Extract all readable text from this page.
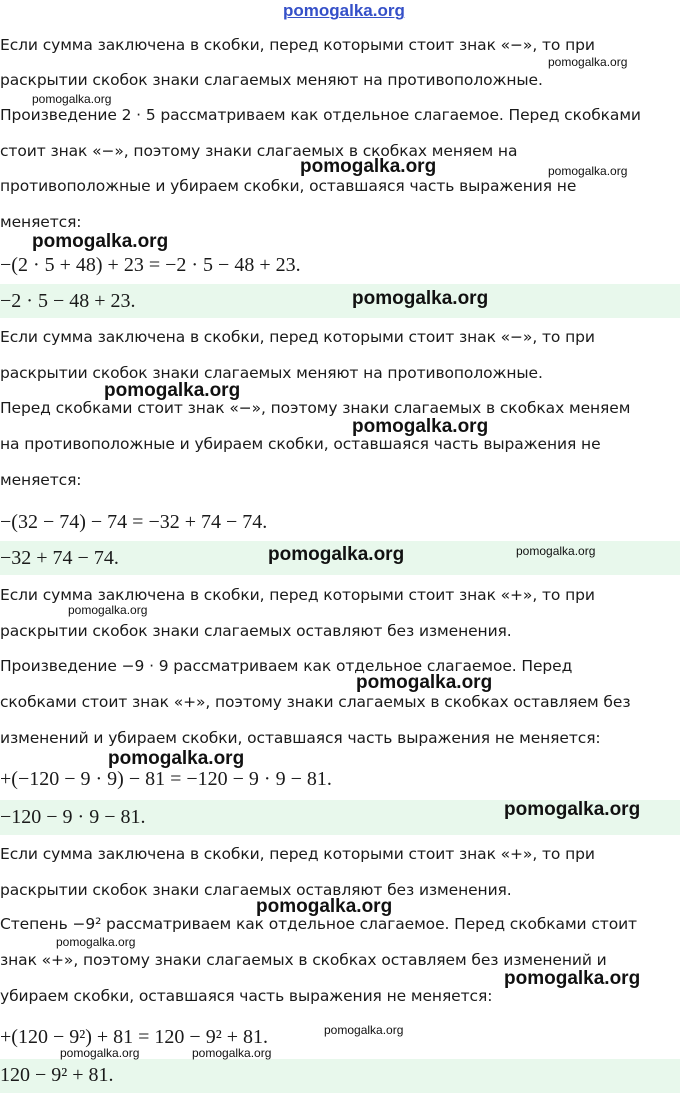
pomogalka.org
Если сумма заключена в скобки, перед которыми стоит знак «−», то при
раскрытии скобок знаки слагаемых меняют на противоположные.
Произведение 2 · 5 рассматриваем как отдельное слагаемое. Перед скобками
стоит знак «−», поэтому знаки слагаемых в скобках меняем на
противоположные и убираем скобки, оставшаяся часть выражения не
меняется:
−(2 · 5 + 48) + 23 = −2 · 5 − 48 + 23.
−2 · 5 − 48 + 23.
Если сумма заключена в скобки, перед которыми стоит знак «−», то при
раскрытии скобок знаки слагаемых меняют на противоположные.
Перед скобками стоит знак «−», поэтому знаки слагаемых в скобках меняем
на противоположные и убираем скобки, оставшаяся часть выражения не
меняется:
−(32 − 74) − 74 = −32 + 74 − 74.
−32 + 74 − 74.
Если сумма заключена в скобки, перед которыми стоит знак «+», то при
раскрытии скобок знаки слагаемых оставляют без изменения.
Произведение −9 · 9 рассматриваем как отдельное слагаемое. Перед
скобками стоит знак «+», поэтому знаки слагаемых в скобках оставляем без
изменений и убираем скобки, оставшаяся часть выражения не меняется:
+(−120 − 9 · 9) − 81 = −120 − 9 · 9 − 81.
−120 − 9 · 9 − 81.
Если сумма заключена в скобки, перед которыми стоит знак «+», то при
раскрытии скобок знаки слагаемых оставляют без изменения.
Степень −9² рассматриваем как отдельное слагаемое. Перед скобками стоит
знак «+», поэтому знаки слагаемых в скобках оставляем без изменений и
убираем скобки, оставшаяся часть выражения не меняется:
+(120 − 9²) + 81 = 120 − 9² + 81.
120 − 9² + 81.
pomogalka.org
pomogalka.org
pomogalka.org	pomogalka.org
pomogalka.org
pomogalka.org
pomogalka.org
pomogalka.org
pomogalka.org	pomogalka.org
pomogalka.org
pomogalka.org
pomogalka.org
pomogalka.org
pomogalka.org
pomogalka.org
pomogalka.org
pomogalka.org
pomogalka.org	pomogalka.org
